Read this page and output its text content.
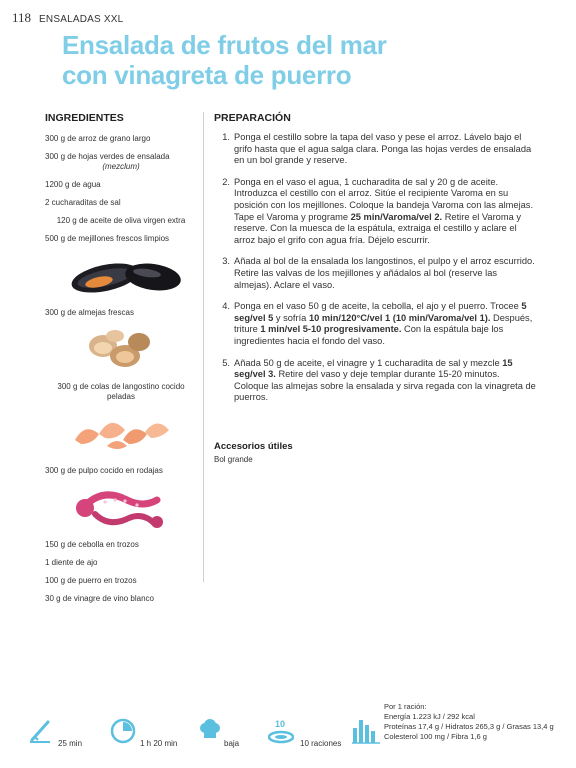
118 ENSALADAS XXL
Ensalada de frutos del mar
con vinagreta de puerro
INGREDIENTES
300 g de arroz de grano largo
300 g de hojas verdes de ensalada
(mezclum)
1200 g de agua
2 cucharaditas de sal
120 g de aceite de oliva virgen extra
500 g de mejillones frescos limpios
300 g de almejas frescas
300 g de colas de langostino cocido peladas
300 g de pulpo cocido en rodajas
150 g de cebolla en trozos
1 diente de ajo
100 g de puerro en trozos
30 g de vinagre de vino blanco
PREPARACIÓN
1. Ponga el cestillo sobre la tapa del vaso y pese el arroz. Lávelo bajo el grifo hasta que el agua salga clara. Ponga las hojas verdes de ensalada en un bol grande y reserve.
2. Ponga en el vaso el agua, 1 cucharadita de sal y 20 g de aceite. Introduzca el cestillo con el arroz. Sitúe el recipiente Varoma en su posición con los mejillones. Coloque la bandeja Varoma con las almejas. Tape el Varoma y programe 25 min/Varoma/vel 2. Retire el Varoma y reserve. Con la muesca de la espátula, extraiga el cestillo y aclare el arroz bajo el grifo con agua fría. Déjelo escurrir.
3. Añada al bol de la ensalada los langostinos, el pulpo y el arroz escurrido. Retire las valvas de los mejillones y añádalos al bol (reserve las almejas). Aclare el vaso.
4. Ponga en el vaso 50 g de aceite, la cebolla, el ajo y el puerro. Trocee 5 seg/vel 5 y sofría 10 min/120°C/vel 1 (10 min/Varoma/vel 1). Después, triture 1 min/vel 5-10 progresivamente. Con la espátula baje los ingredientes hacia el fondo del vaso.
5. Añada 50 g de aceite, el vinagre y 1 cucharadita de sal y mezcle 15 seg/vel 3. Retire del vaso y deje templar durante 15-20 minutos. Coloque las almejas sobre la ensalada y sirva regada con la vinagreta de puerros.
Accesorios útiles
Bol grande
25 min	1 h 20 min	baja
10
10 raciones
Por 1 ración:
Energía 1.223 kJ / 292 kcal
Proteínas 17,4 g / Hidratos 265,3 g / Grasas 13,4 g
Colesterol 100 mg / Fibra 1,6 g
